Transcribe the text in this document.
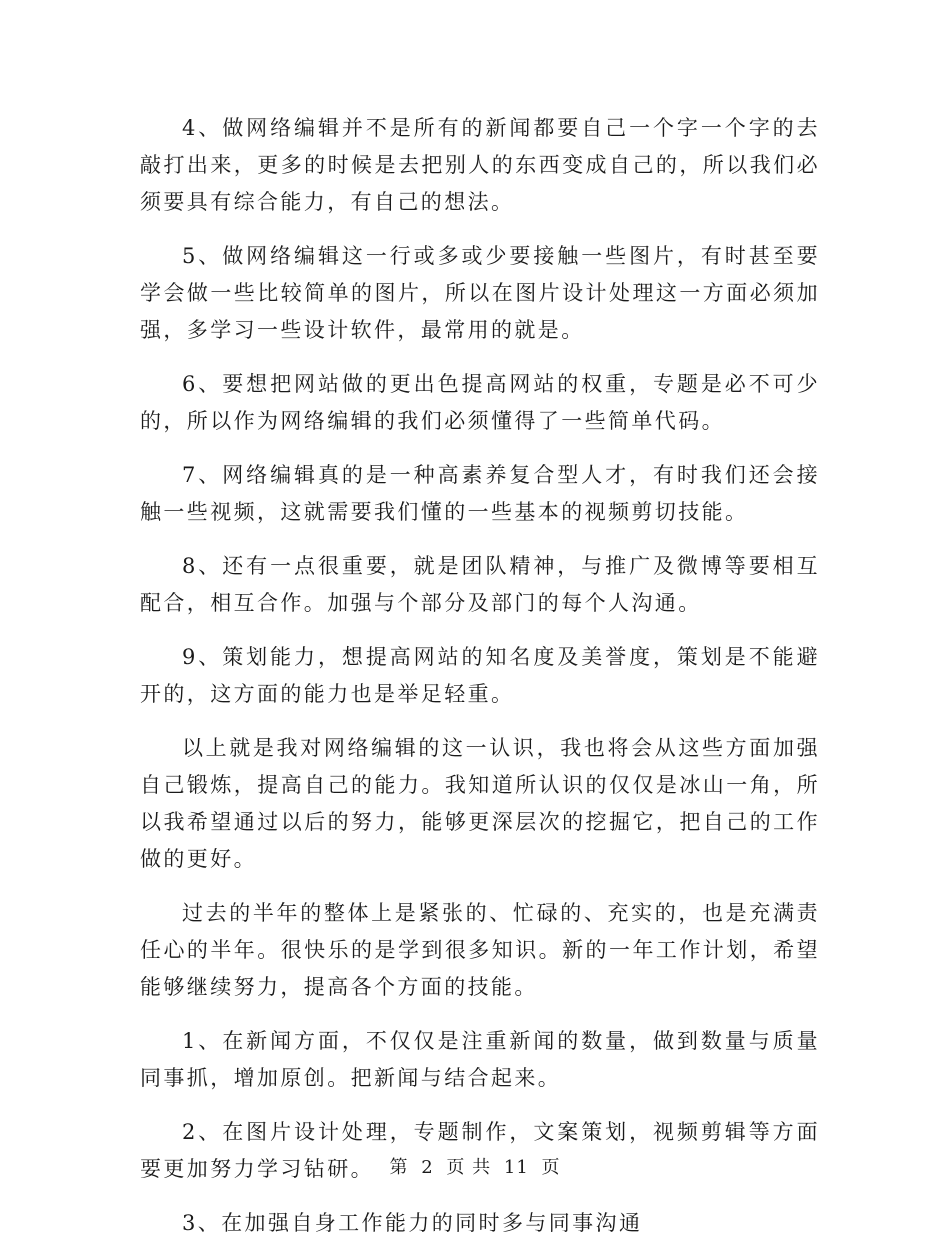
4、做网络编辑并不是所有的新闻都要自己一个字一个字的去敲打出来，更多的时候是去把别人的东西变成自己的，所以我们必须要具有综合能力，有自己的想法。

5、做网络编辑这一行或多或少要接触一些图片，有时甚至要学会做一些比较简单的图片，所以在图片设计处理这一方面必须加强，多学习一些设计软件，最常用的就是。

6、要想把网站做的更出色提高网站的权重，专题是必不可少的，所以作为网络编辑的我们必须懂得了一些简单代码。

7、网络编辑真的是一种高素养复合型人才，有时我们还会接触一些视频，这就需要我们懂的一些基本的视频剪切技能。

8、还有一点很重要，就是团队精神，与推广及微博等要相互配合，相互合作。加强与个部分及部门的每个人沟通。

9、策划能力，想提高网站的知名度及美誉度，策划是不能避开的，这方面的能力也是举足轻重。

以上就是我对网络编辑的这一认识，我也将会从这些方面加强自己锻炼，提高自己的能力。我知道所认识的仅仅是冰山一角，所以我希望通过以后的努力，能够更深层次的挖掘它，把自己的工作做的更好。

过去的半年的整体上是紧张的、忙碌的、充实的，也是充满责任心的半年。很快乐的是学到很多知识。新的一年工作计划，希望能够继续努力，提高各个方面的技能。

1、在新闻方面，不仅仅是注重新闻的数量，做到数量与质量同事抓，增加原创。把新闻与结合起来。

2、在图片设计处理，专题制作，文案策划，视频剪辑等方面要更加努力学习钻研。

3、在加强自身工作能力的同时多与同事沟通

第 2 页 共 11 页
